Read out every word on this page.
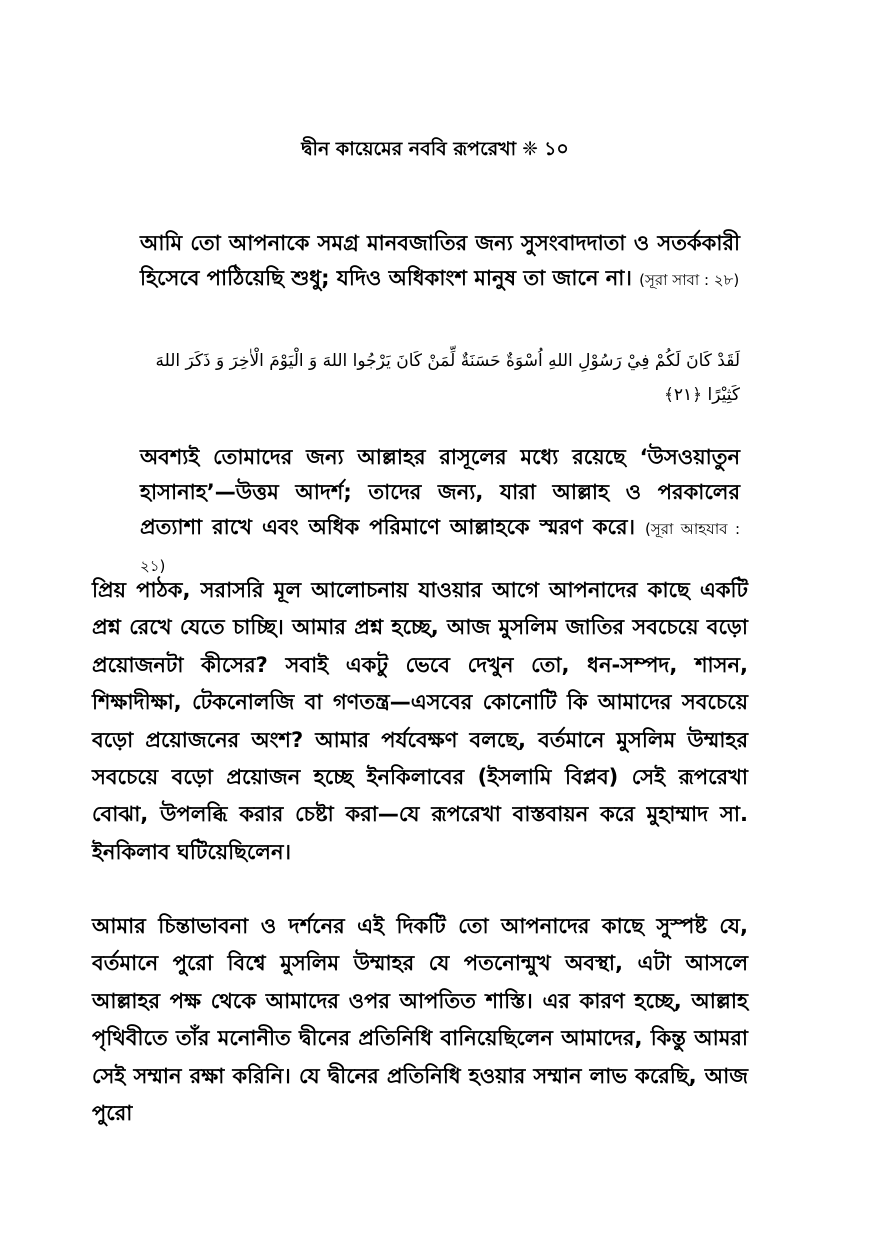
দ্বীন কায়েমের নববি রূপরেখা ❈ ১০
আমি তো আপনাকে সমগ্র মানবজাতির জন্য সুসংবাদদাতা ও সতর্ককারী হিসেবে পাঠিয়েছি শুধু; যদিও অধিকাংশ মানুষ তা জানে না। (সূরা সাবা : ২৮)
لَقَدْ كَانَ لَكُمْ فِيْ رَسُوْلِ اللهِ اُسْوَةٌ حَسَنَةٌ لِّمَنْ كَانَ يَرْجُوا اللهَ وَ الْيَوْمَ الْاٰخِرَ وَ ذَكَرَ اللهَ كَثِيْرًا ﴿۲۱﴾
অবশ্যই তোমাদের জন্য আল্লাহর রাসূলের মধ্যে রয়েছে ‘উসওয়াতুন হাসানাহ’—উত্তম আদর্শ; তাদের জন্য, যারা আল্লাহ ও পরকালের প্রত্যাশা রাখে এবং অধিক পরিমাণে আল্লাহকে স্মরণ করে। (সূরা আহযাব : ২১)
প্রিয় পাঠক, সরাসরি মূল আলোচনায় যাওয়ার আগে আপনাদের কাছে একটি প্রশ্ন রেখে যেতে চাচ্ছি। আমার প্রশ্ন হচ্ছে, আজ মুসলিম জাতির সবচেয়ে বড়ো প্রয়োজনটা কীসের? সবাই একটু ভেবে দেখুন তো, ধন-সম্পদ, শাসন, শিক্ষাদীক্ষা, টেকনোলজি বা গণতন্ত্র—এসবের কোনোটি কি আমাদের সবচেয়ে বড়ো প্রয়োজনের অংশ? আমার পর্যবেক্ষণ বলছে, বর্তমানে মুসলিম উম্মাহর সবচেয়ে বড়ো প্রয়োজন হচ্ছে ইনকিলাবের (ইসলামি বিপ্লব) সেই রূপরেখা বোঝা, উপলব্ধি করার চেষ্টা করা—যে রূপরেখা বাস্তবায়ন করে মুহাম্মাদ সা. ইনকিলাব ঘটিয়েছিলেন।
আমার চিন্তাভাবনা ও দর্শনের এই দিকটি তো আপনাদের কাছে সুস্পষ্ট যে, বর্তমানে পুরো বিশ্বে মুসলিম উম্মাহর যে পতনোন্মুখ অবস্থা, এটা আসলে আল্লাহর পক্ষ থেকে আমাদের ওপর আপতিত শাস্তি। এর কারণ হচ্ছে, আল্লাহ পৃথিবীতে তাঁর মনোনীত দ্বীনের প্রতিনিধি বানিয়েছিলেন আমাদের, কিন্তু আমরা সেই সম্মান রক্ষা করিনি। যে দ্বীনের প্রতিনিধি হওয়ার সম্মান লাভ করেছি, আজ পুরো
